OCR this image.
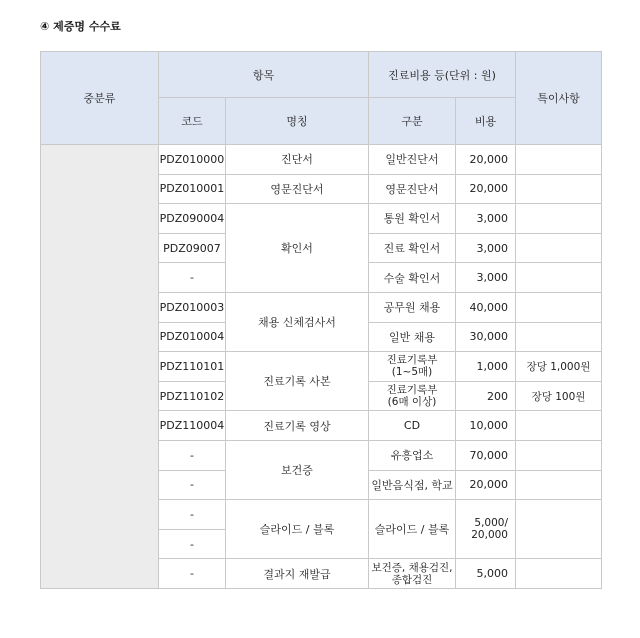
④ 제증명 수수료
중분류	항목		진료비용 등(단위 : 원)		특이사항
	코드	명칭	구분	비용	
	PDZ010000	진단서	일반진단서	20,000	
	PDZ010001	영문진단서	영문진단서	20,000	
	PDZ090004	확인서	통원 확인서	3,000	
	PDZ09007		진료 확인서	3,000	
	-		수술 확인서	3,000	
	PDZ010003	채용 신체검사서	공무원 채용	40,000	
	PDZ010004		일반 채용	30,000	
	PDZ110101	진료기록 사본	진료기록부
(1~5매)	1,000	장당 1,000원
	PDZ110102		진료기록부
(6매 이상)	200	장당 100원
	PDZ110004	진료기록 영상	CD	10,000	
	-	보건증	유흥업소	70,000	
	-		일반음식점, 학교	20,000	
	-	슬라이드 / 블록	슬라이드 / 블록	5,000/
20,000	
	-				
	-	결과지 재발급	보건증, 채용검진,
종합검진	5,000	
